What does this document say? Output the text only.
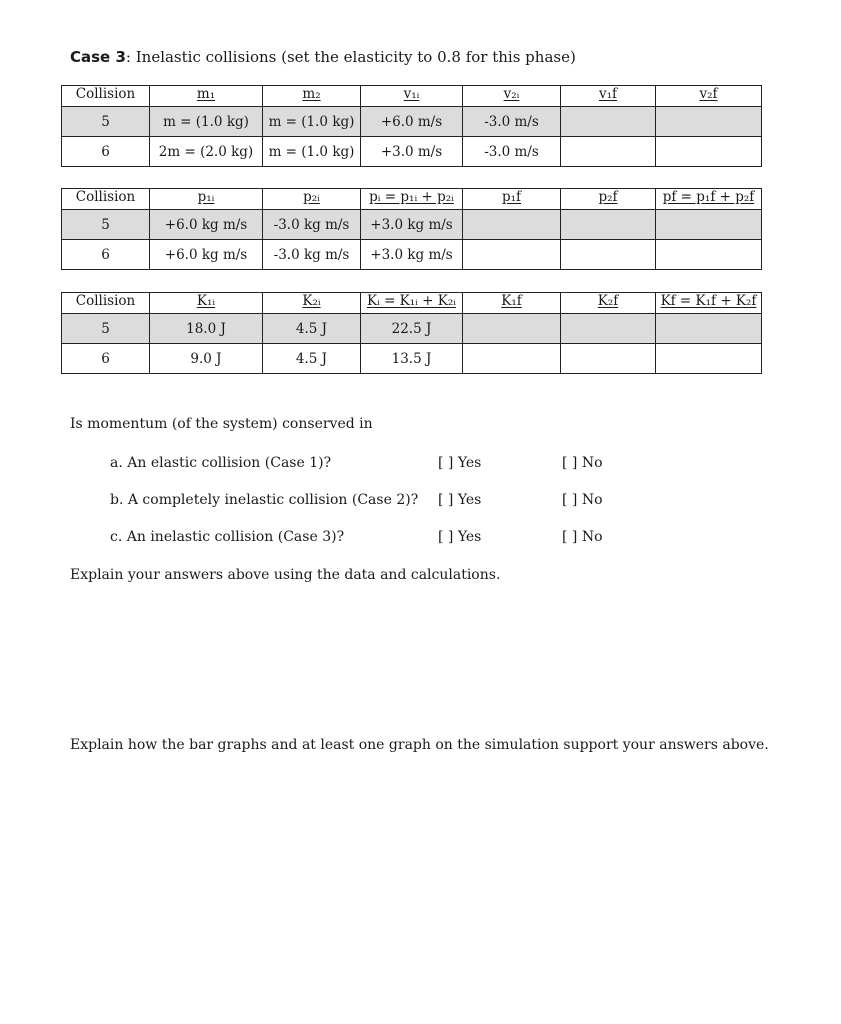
Case 3: Inelastic collisions (set the elasticity to 0.8 for this phase)
Collision	m₁	m₂	v₁ᵢ	v₂ᵢ	v₁f	v₂f
5	m = (1.0 kg)	m = (1.0 kg)	+6.0 m/s	-3.0 m/s		
6	2m = (2.0 kg)	m = (1.0 kg)	+3.0 m/s	-3.0 m/s		
Collision	p₁ᵢ	p₂ᵢ	pᵢ = p₁ᵢ + p₂ᵢ	p₁f	p₂f	pf = p₁f + p₂f
5	+6.0 kg m/s	-3.0 kg m/s	+3.0 kg m/s			
6	+6.0 kg m/s	-3.0 kg m/s	+3.0 kg m/s			
Collision	K₁ᵢ	K₂ᵢ	Kᵢ = K₁ᵢ + K₂ᵢ	K₁f	K₂f	Kf = K₁f + K₂f
5	18.0 J	4.5 J	22.5 J			
6	9.0 J	4.5 J	13.5 J			
Is momentum (of the system) conserved in
a. An elastic collision (Case 1)?	[ ] Yes	[ ] No
b. A completely inelastic collision (Case 2)? [ ] Yes	[ ] No
c. An inelastic collision (Case 3)?	[ ] Yes	[ ] No
Explain your answers above using the data and calculations.
Explain how the bar graphs and at least one graph on the simulation support your answers above.
